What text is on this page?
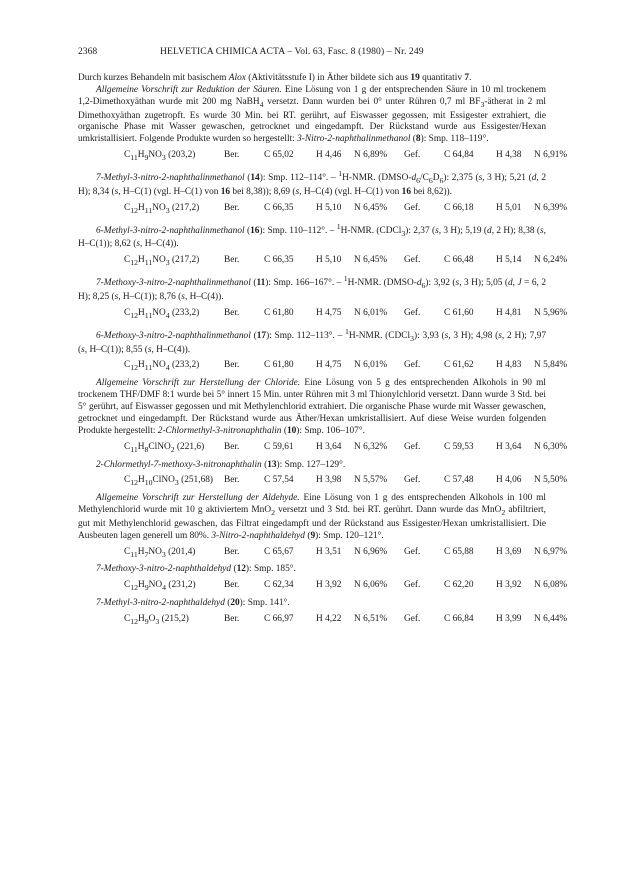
2368	HELVETICA CHIMICA ACTA – Vol. 63, Fasc. 8 (1980) – Nr. 249

Durch kurzes Behandeln mit basischem Alox (Aktivitätsstufe I) in Äther bildete sich aus 19 quantitativ 7.

Allgemeine Vorschrift zur Reduktion der Säuren. Eine Lösung von 1 g der entsprechenden Säure in 10 ml trockenem 1,2-Dimethoxyäthan wurde mit 200 mg NaBH$_4$ versetzt. Dann wurden bei 0° unter Rühren 0,7 ml $BF_3$-ätherat in 2 ml Dimethoxyäthan zugetropft. Es wurde 30 Min. bei RT. gerührt, auf Eiswasser gegossen, mit Essigester extrahiert, die organische Phase mit Wasser gewaschen, getrocknet und eingedampft. Der Rückstand wurde aus Essigester/Hexan umkristallisiert. Folgende Produkte wurden so hergestellt: 3-Nitro-2-naphthalinmethanol (8): Smp. 118–119°.

$C_{11}H_9NO_3$ (203,2)	Ber.	C 65,02 H 4,46 N 6,89% Gef.	C 64,84 H 4,38 N 6,91%

7-Methyl-3-nitro-2-naphthalinmethanol (14): Smp. 112–114°. – $^1$H-NMR. $(DMSO-d_6/C_6D_6)$: 2,375 (s, 3 H); 5,21 (d, 2 H); 8,34 (s, H–C(1) (vgl. H–C(1) von 16 bei 8,38)); 8,69 (s, H–C(4) (vgl. H–C(1) von 16 bei 8,62)).

$C_{12}H_{11}NO_3$ (217,2)	Ber.	C 66,35 H 5,10 N 6,45% Gef.	C 66,18 H 5,01 N 6,39%

6-Methyl-3-nitro-2-naphthalinmethanol (16): Smp. 110–112°. – $^1$H-NMR. (CDCl$_3$): 2,37 (s, 3 H); 5,19 (d, 2 H); 8,38 (s, H–C(1)); 8,62 (s, H–C(4)).

$C_{12}H_{11}NO_3$ (217,2)	Ber.	C 66,35 H 5,10 N 6,45% Gef.	C 66,48 H 5,14 N 6,24%

7-Methoxy-3-nitro-2-naphthalinmethanol (11): Smp. 166–167°. – $^1$H-NMR. $(DMSO-d_6)$: 3,92 (s, 3 H); 5,05 (d, J = 6, 2 H); 8,25 (s, H–C(1)); 8,76 (s, H–C(4)).

$C_{12}H_{11}NO_4$ (233,2)	Ber.	C 61,80 H 4,75 N 6,01% Gef.	C 61,60 H 4,81 N 5,96%

6-Methoxy-3-nitro-2-naphthalinmethanol (17): Smp. 112–113°. – $^1$H-NMR. (CDCl$_3$): 3,93 (s, 3 H); 4,98 (s, 2 H); 7,97 (s, H–C(1)); 8,55 (s, H–C(4)).

$C_{12}H_{11}NO_4$ (233,2)	Ber.	C 61,80 H 4,75 N 6,01% Gef.	C 61,62 H 4,83 N 5,84%

Allgemeine Vorschrift zur Herstellung der Chloride. Eine Lösung von 5 g des entsprechenden Alkohols in 90 ml trockenem THF/DMF 8:1 wurde bei 5° innert 15 Min. unter Rühren mit 3 ml Thionylchlorid versetzt. Dann wurde 3 Std. bei 5° gerührt, auf Eiswasser gegossen und mit Methylenchlorid extrahiert. Die organische Phase wurde mit Wasser gewaschen, getrocknet und eingedampft. Der Rückstand wurde aus Äther/Hexan umkristallisiert. Auf diese Weise wurden folgenden Produkte hergestellt: 2-Chlormethyl-3-nitronaphthalin (10): Smp. 106–107°.

$C_{11}H_8ClNO_2$ (221,6) Ber.	C 59,61 H 3,64 N 6,32% Gef.	C 59,53 H 3,64 N 6,30%

2-Chlormethyl-7-methoxy-3-nitronaphthalin (13): Smp. 127–129°.

$C_{12}H_{10}ClNO_3$ (251,68) Ber.	C 57,54 H 3,98 N 5,57% Gef.	C 57,48 H 4,06 N 5,50%

Allgemeine Vorschrift zur Herstellung der Aldehyde. Eine Lösung von 1 g des entsprechenden Alkohols in 100 ml Methylenchlorid wurde mit 10 g aktiviertem MnO$_2$ versetzt und 3 Std. bei RT. gerührt. Dann wurde das MnO$_2$ abfiltriert, gut mit Methylenchlorid gewaschen, das Filtrat eingedampft und der Rückstand aus Essigester/Hexan umkristallisiert. Die Ausbeuten lagen generell um 80%. 3-Nitro-2-naphthaldehyd (9): Smp. 120–121°.

$C_{11}H_7NO_3$ (201,4)	Ber.	C 65,67 H 3,51 N 6,96% Gef.	C 65,88 H 3,69 N 6,97%

7-Methoxy-3-nitro-2-naphthaldehyd (12): Smp. 185°.

$C_{12}H_9NO_4$ (231,2)	Ber.	C 62,34 H 3,92 N 6,06% Gef.	C 62,20 H 3,92 N 6,08%

7-Methyl-3-nitro-2-naphthaldehyd (20): Smp. 141°.

$C_{12}H_9O_3$ (215,2)	Ber.	C 66,97 H 4,22 N 6,51% Gef.	C 66,84 H 3,99 N 6,44%
